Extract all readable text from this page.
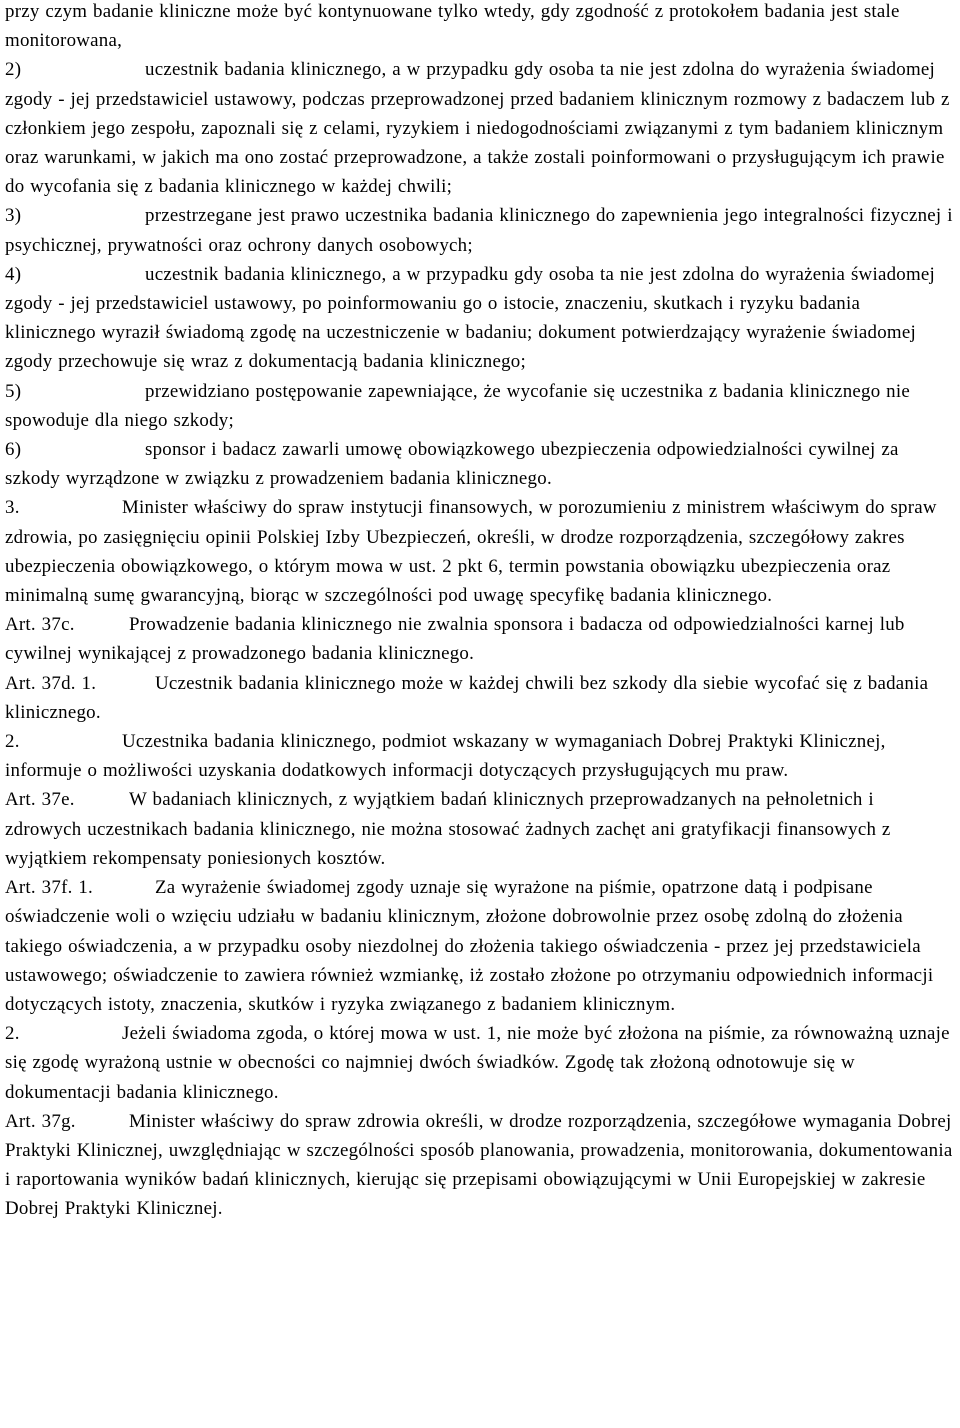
przy czym badanie kliniczne może być kontynuowane tylko wtedy, gdy zgodność z protokołem badania jest stale monitorowana,

2)	uczestnik badania klinicznego, a w przypadku gdy osoba ta nie jest zdolna do wyrażenia świadomej zgody - jej przedstawiciel ustawowy, podczas przeprowadzonej przed badaniem klinicznym rozmowy z badaczem lub z członkiem jego zespołu, zapoznali się z celami, ryzykiem i niedogodnościami związanymi z tym badaniem klinicznym oraz warunkami, w jakich ma ono zostać przeprowadzone, a także zostali poinformowani o przysługującym ich prawie do wycofania się z badania klinicznego w każdej chwili;

3)	przestrzegane jest prawo uczestnika badania klinicznego do zapewnienia jego integralności fizycznej i psychicznej, prywatności oraz ochrony danych osobowych;

4)	uczestnik badania klinicznego, a w przypadku gdy osoba ta nie jest zdolna do wyrażenia świadomej zgody - jej przedstawiciel ustawowy, po poinformowaniu go o istocie, znaczeniu, skutkach i ryzyku badania klinicznego wyraził świadomą zgodę na uczestniczenie w badaniu; dokument potwierdzający wyrażenie świadomej zgody przechowuje się wraz z dokumentacją badania klinicznego;

5)	przewidziano postępowanie zapewniające, że wycofanie się uczestnika z badania klinicznego nie spowoduje dla niego szkody;

6)	sponsor i badacz zawarli umowę obowiązkowego ubezpieczenia odpowiedzialności cywilnej za szkody wyrządzone w związku z prowadzeniem badania klinicznego.

3.	Minister właściwy do spraw instytucji finansowych, w porozumieniu z ministrem właściwym do spraw zdrowia, po zasięgnięciu opinii Polskiej Izby Ubezpieczeń, określi, w drodze rozporządzenia, szczegółowy zakres ubezpieczenia obowiązkowego, o którym mowa w ust. 2 pkt 6, termin powstania obowiązku ubezpieczenia oraz minimalną sumę gwarancyjną, biorąc w szczególności pod uwagę specyfikę badania klinicznego.

Art. 37c.	Prowadzenie badania klinicznego nie zwalnia sponsora i badacza od odpowiedzialności karnej lub cywilnej wynikającej z prowadzonego badania klinicznego.

Art. 37d. 1.	Uczestnik badania klinicznego może w każdej chwili bez szkody dla siebie wycofać się z badania klinicznego.

2.	Uczestnika badania klinicznego, podmiot wskazany w wymaganiach Dobrej Praktyki Klinicznej, informuje o możliwości uzyskania dodatkowych informacji dotyczących przysługujących mu praw.

Art. 37e.	W badaniach klinicznych, z wyjątkiem badań klinicznych przeprowadzanych na pełnoletnich i zdrowych uczestnikach badania klinicznego, nie można stosować żadnych zachęt ani gratyfikacji finansowych z wyjątkiem rekompensaty poniesionych kosztów.

Art. 37f. 1.	Za wyrażenie świadomej zgody uznaje się wyrażone na piśmie, opatrzone datą i podpisane oświadczenie woli o wzięciu udziału w badaniu klinicznym, złożone dobrowolnie przez osobę zdolną do złożenia takiego oświadczenia, a w przypadku osoby niezdolnej do złożenia takiego oświadczenia - przez jej przedstawiciela ustawowego; oświadczenie to zawiera również wzmiankę, iż zostało złożone po otrzymaniu odpowiednich informacji dotyczących istoty, znaczenia, skutków i ryzyka związanego z badaniem klinicznym.

2.	Jeżeli świadoma zgoda, o której mowa w ust. 1, nie może być złożona na piśmie, za równoważną uznaje się zgodę wyrażoną ustnie w obecności co najmniej dwóch świadków. Zgodę tak złożoną odnotowuje się w dokumentacji badania klinicznego.

Art. 37g.	Minister właściwy do spraw zdrowia określi, w drodze rozporządzenia, szczegółowe wymagania Dobrej Praktyki Klinicznej, uwzględniając w szczególności sposób planowania, prowadzenia, monitorowania, dokumentowania i raportowania wyników badań klinicznych, kierując się przepisami obowiązującymi w Unii Europejskiej w zakresie Dobrej Praktyki Klinicznej.
